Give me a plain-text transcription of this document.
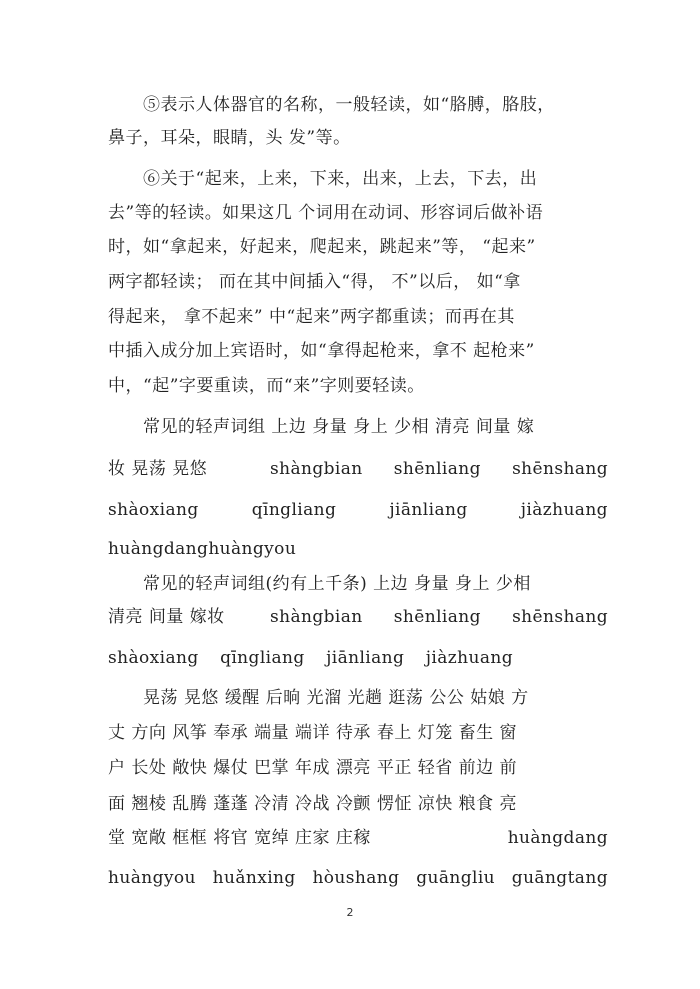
⑤表示人体器官的名称，一般轻读，如“胳膊，胳肢，
鼻子，耳朵，眼睛，头 发”等。
⑥关于“起来，上来，下来，出来，上去，下去，出
去”等的轻读。如果这几 个词用在动词、形容词后做补语
时，如“拿起来，好起来，爬起来，跳起来”等， “起来”
两字都轻读； 而在其中间插入“得， 不”以后， 如“拿
得起来， 拿不起来” 中“起来”两字都重读；而再在其
中插入成分加上宾语时，如“拿得起枪来，拿不 起枪来”
中，“起”字要重读，而“来”字则要轻读。
常见的轻声词组 上边 身量 身上 少相 清亮 间量 嫁
妆 晃荡 晃悠	shàngbian shēnliang shēnshang
shàoxiang	qīngliang	jiānliang	jiàzhuang
huàngdang huàngyou
常见的轻声词组(约有上千条) 上边 身量 身上 少相
清亮 间量 嫁妆	shàngbian shēnliang shēnshang
shàoxiang qīngliang jiānliang jiàzhuang
晃荡 晃悠 缓醒 后晌 光溜 光趟 逛荡 公公 姑娘 方
丈 方向 风筝 奉承 端量 端详 待承 春上 灯笼 畜生 窗
户 长处 敞快 爆仗 巴掌 年成 漂亮 平正 轻省 前边 前
面 翘棱 乱腾 蓬蓬 冷清 冷战 冷颤 愣怔 凉快 粮食 亮
堂 宽敞 框框 将官 宽绰 庄家 庄稼	huàngdang
huàngyou huǎnxing hòushang guāngliu guāngtang
2
